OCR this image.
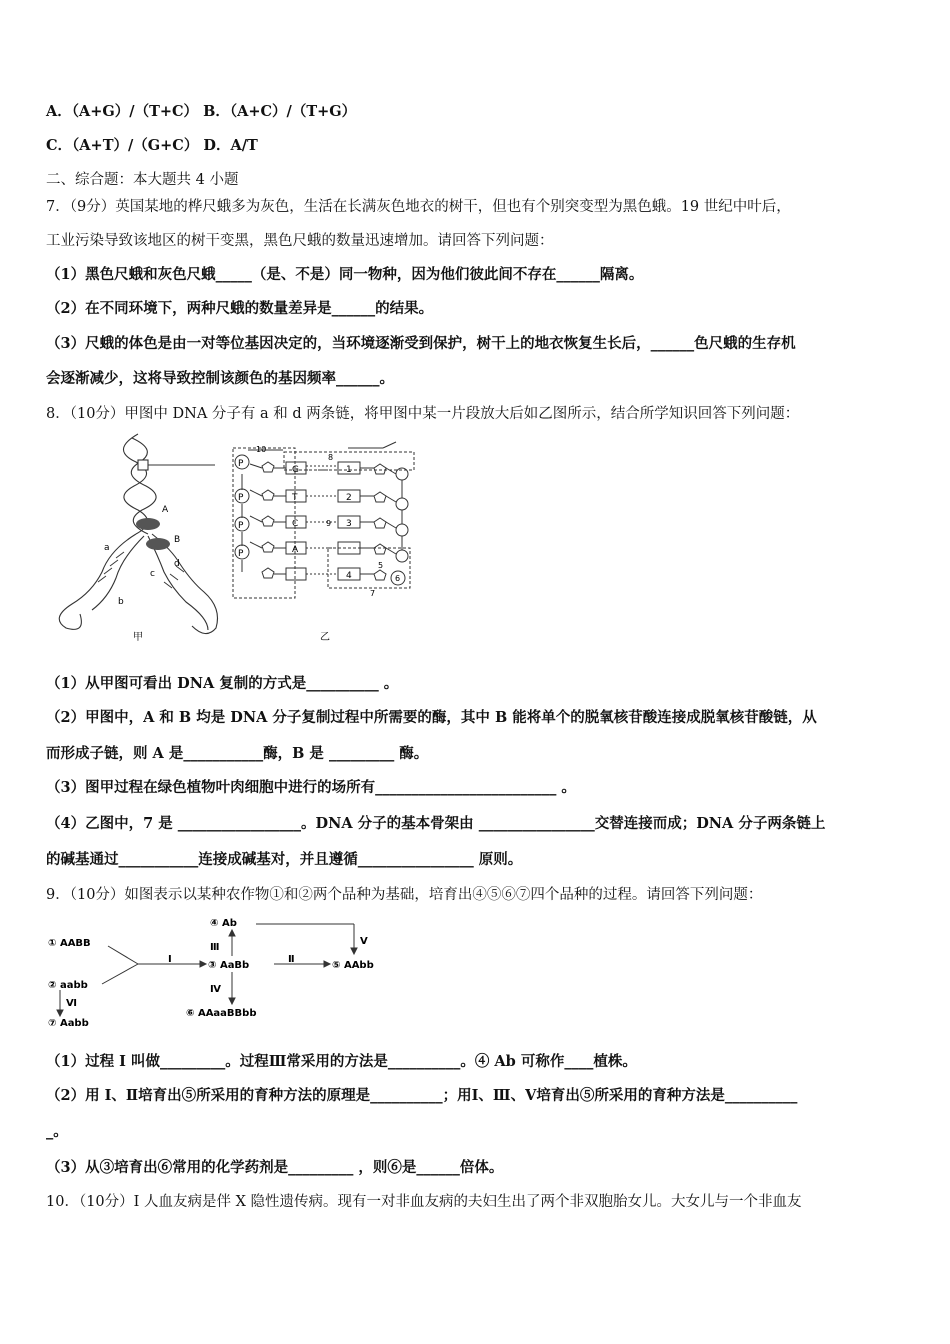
A．（A+G）/（T+C） B．（A+C）/（T+G）
C．（A+T）/（G+C） D．A/T
二、综合题：本大题共 4 小题
7．（9分）英国某地的桦尺蛾多为灰色，生活在长满灰色地衣的树干，但也有个别突变型为黑色蛾。19 世纪中叶后，
工业污染导致该地区的树干变黑，黑色尺蛾的数量迅速增加。请回答下列问题：
（1）黑色尺蛾和灰色尺蛾_____（是、不是）同一物种，因为他们彼此间不存在______隔离。
（2）在不同环境下，两种尺蛾的数量差异是______的结果。
（3）尺蛾的体色是由一对等位基因决定的，当环境逐渐受到保护，树干上的地衣恢复生长后，______色尺蛾的生存机
会逐渐减少，这将导致控制该颜色的基因频率______。
8．（10分）甲图中 DNA 分子有 a 和 d 两条链，将甲图中某一片段放大后如乙图所示，结合所学知识回答下列问题：
A
B
a
b
c
d
甲
P
P
P
P
G
T
C
A
1
2
3
4
10
8
9
5
6
7
乙
（1）从甲图可看出 DNA 复制的方式是__________ 。
（2）甲图中，A 和 B 均是 DNA 分子复制过程中所需要的酶，其中 B 能将单个的脱氧核苷酸连接成脱氧核苷酸链，从
而形成子链，则 A 是___________酶，B 是 _________ 酶。
（3）图甲过程在绿色植物叶肉细胞中进行的场所有_________________________ 。
（4）乙图中，7 是 _________________。DNA 分子的基本骨架由 ________________交替连接而成；DNA 分子两条链上
的碱基通过___________连接成碱基对，并且遵循________________ 原则。
9．（10分）如图表示以某种农作物①和②两个品种为基础，培育出④⑤⑥⑦四个品种的过程。请回答下列问题：
① AABB
② aabb
③ AaBb
④ Ab
⑤ AAbb
⑥ AAaaBBbb
⑦ Aabb
I	Ⅱ
Ⅲ
Ⅳ
Ⅴ
Ⅵ
（1）过程 I 叫做_________。过程Ⅲ常采用的方法是__________。④ Ab 可称作____植株。
（2）用 I、Ⅱ培育出⑤所采用的育种方法的原理是__________；用Ⅰ、Ⅲ、Ⅴ培育出⑤所采用的育种方法是__________
_。
（3）从③培育出⑥常用的化学药剂是_________ ，则⑥是______倍体。
10．（10分）I 人血友病是伴 X 隐性遗传病。现有一对非血友病的夫妇生出了两个非双胞胎女儿。大女儿与一个非血友
